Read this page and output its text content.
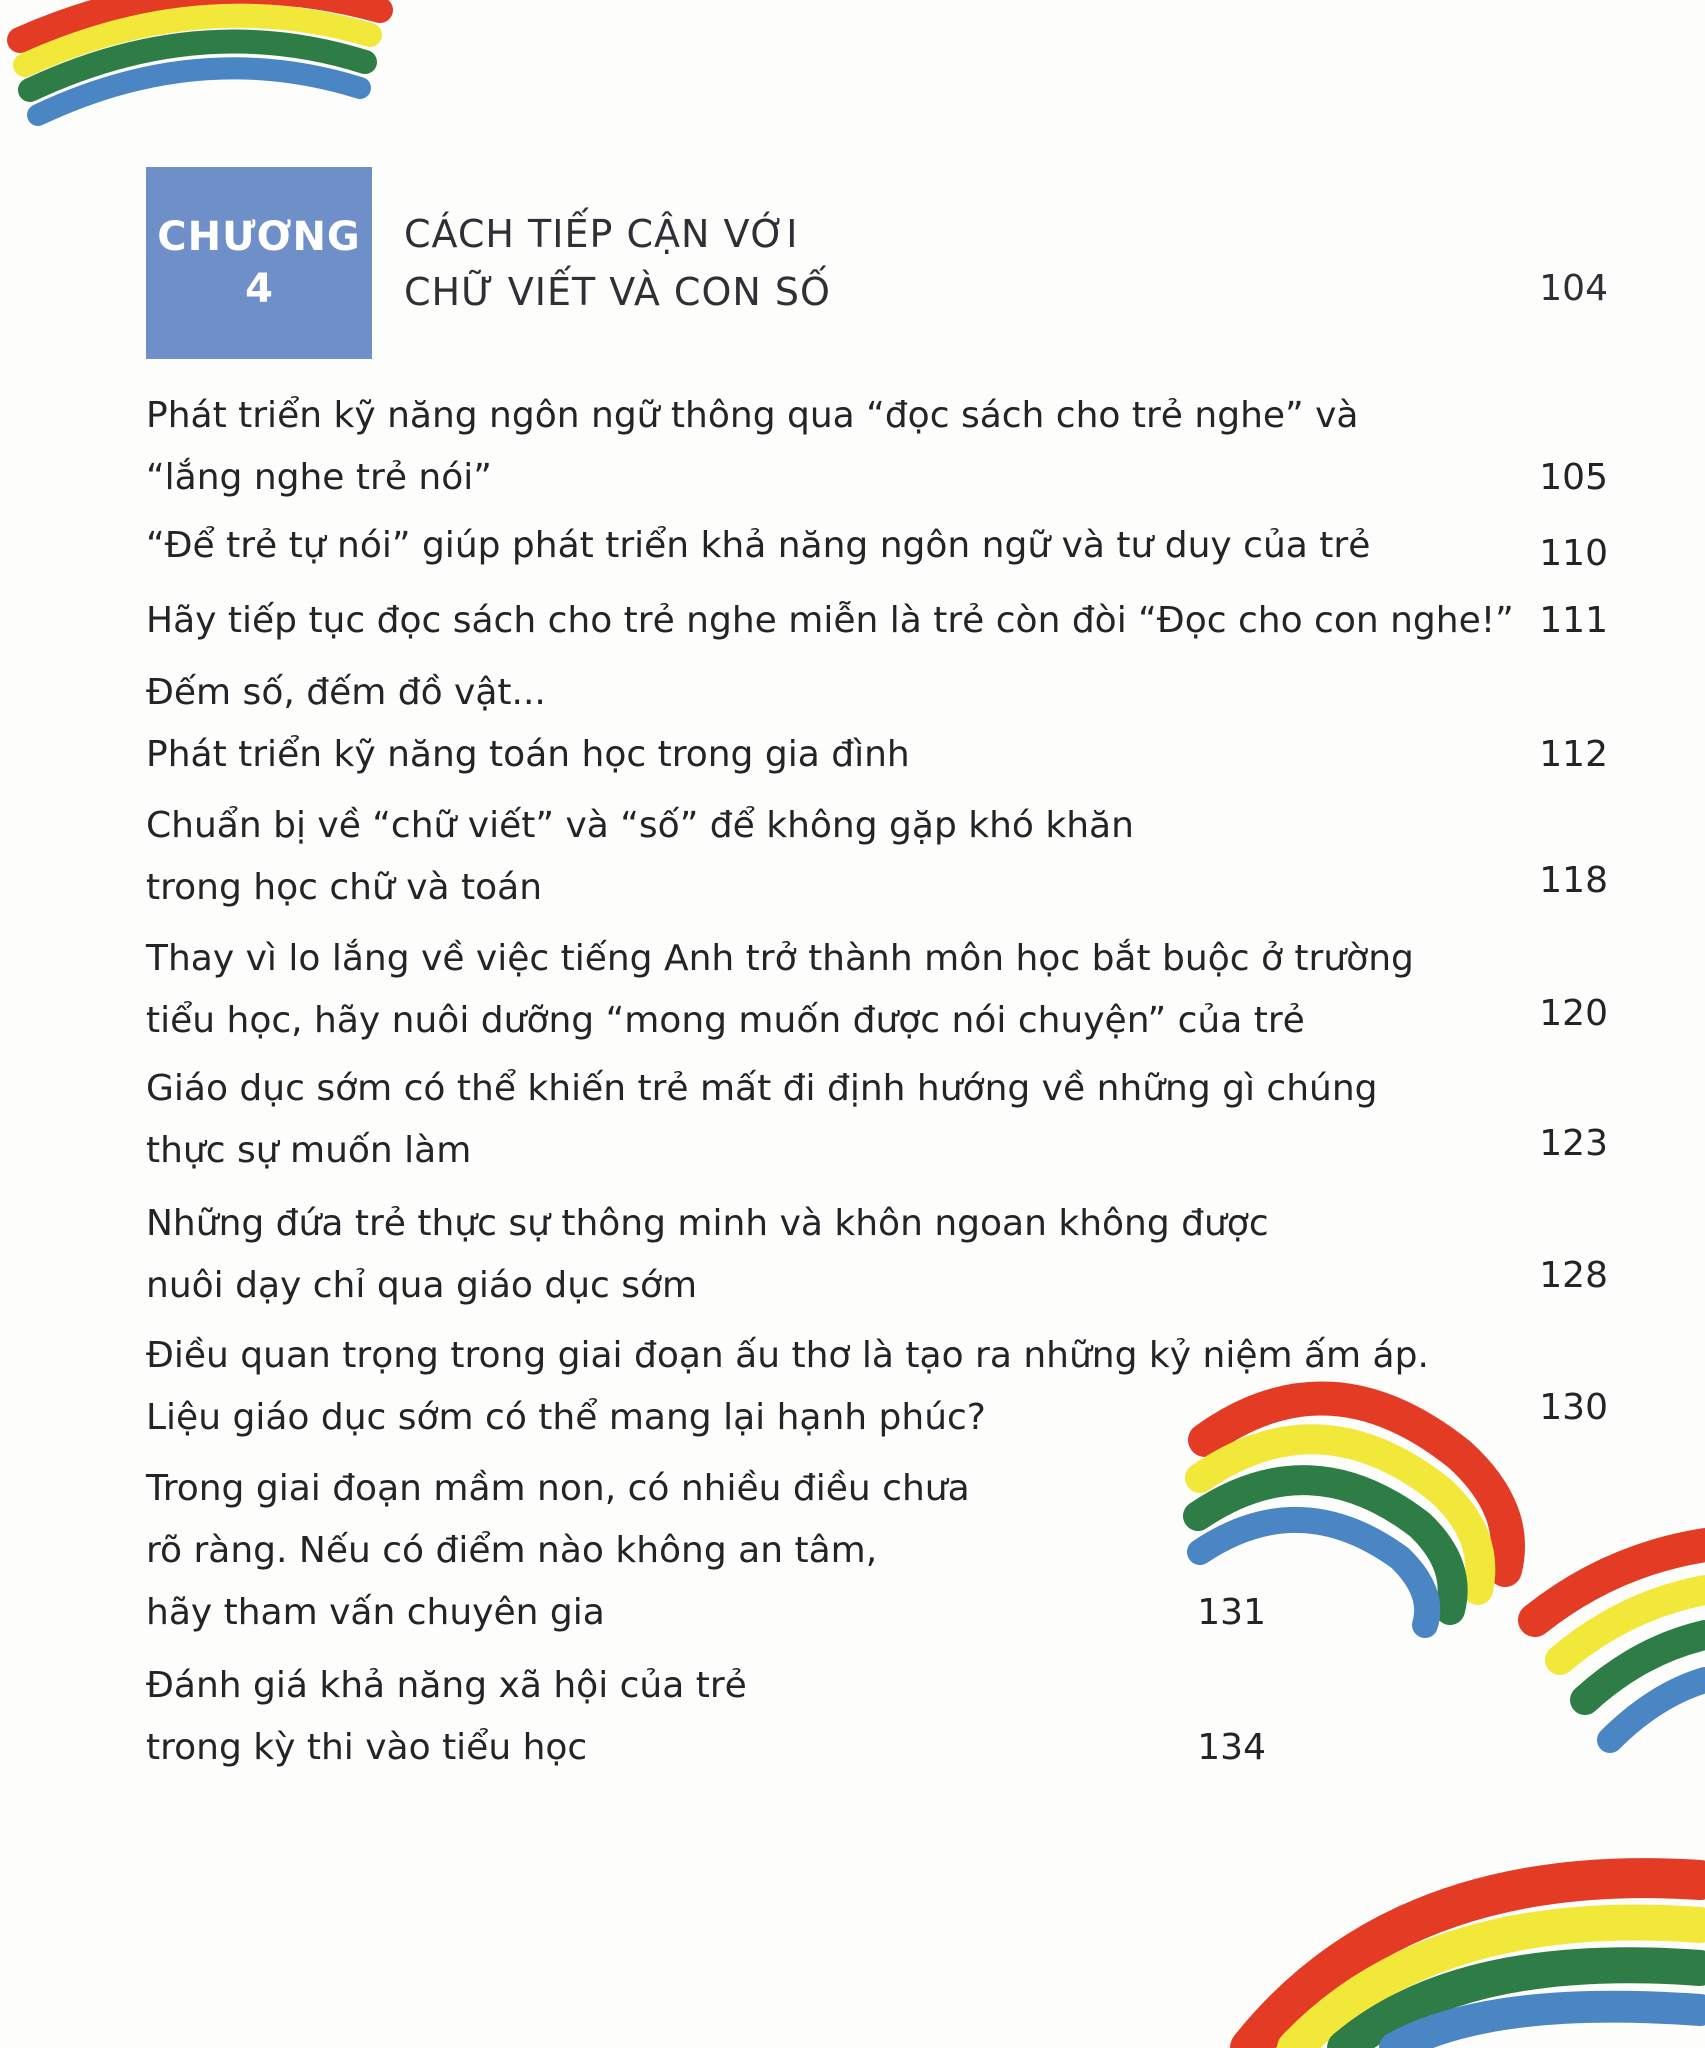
CHƯƠNG
4
CÁCH TIẾP CẬN VỚI
CHỮ VIẾT VÀ CON SỐ	104
Phát triển kỹ năng ngôn ngữ thông qua “đọc sách cho trẻ nghe” và
“lắng nghe trẻ nói”	105
“Để trẻ tự nói” giúp phát triển khả năng ngôn ngữ và tư duy của trẻ	110
Hãy tiếp tục đọc sách cho trẻ nghe miễn là trẻ còn đòi “Đọc cho con nghe!” 111
Đếm số, đếm đồ vật...
Phát triển kỹ năng toán học trong gia đình	112
Chuẩn bị về “chữ viết” và “số” để không gặp khó khăn
trong học chữ và toán	118
Thay vì lo lắng về việc tiếng Anh trở thành môn học bắt buộc ở trường
tiểu học, hãy nuôi dưỡng “mong muốn được nói chuyện” của trẻ	120
Giáo dục sớm có thể khiến trẻ mất đi định hướng về những gì chúng
thực sự muốn làm	123
Những đứa trẻ thực sự thông minh và khôn ngoan không được
nuôi dạy chỉ qua giáo dục sớm	128
Điều quan trọng trong giai đoạn ấu thơ là tạo ra những kỷ niệm ấm áp.
Liệu giáo dục sớm có thể mang lại hạnh phúc?	130
Trong giai đoạn mầm non, có nhiều điều chưa
rõ ràng. Nếu có điểm nào không an tâm,
hãy tham vấn chuyên gia	131
Đánh giá khả năng xã hội của trẻ
trong kỳ thi vào tiểu học	134
